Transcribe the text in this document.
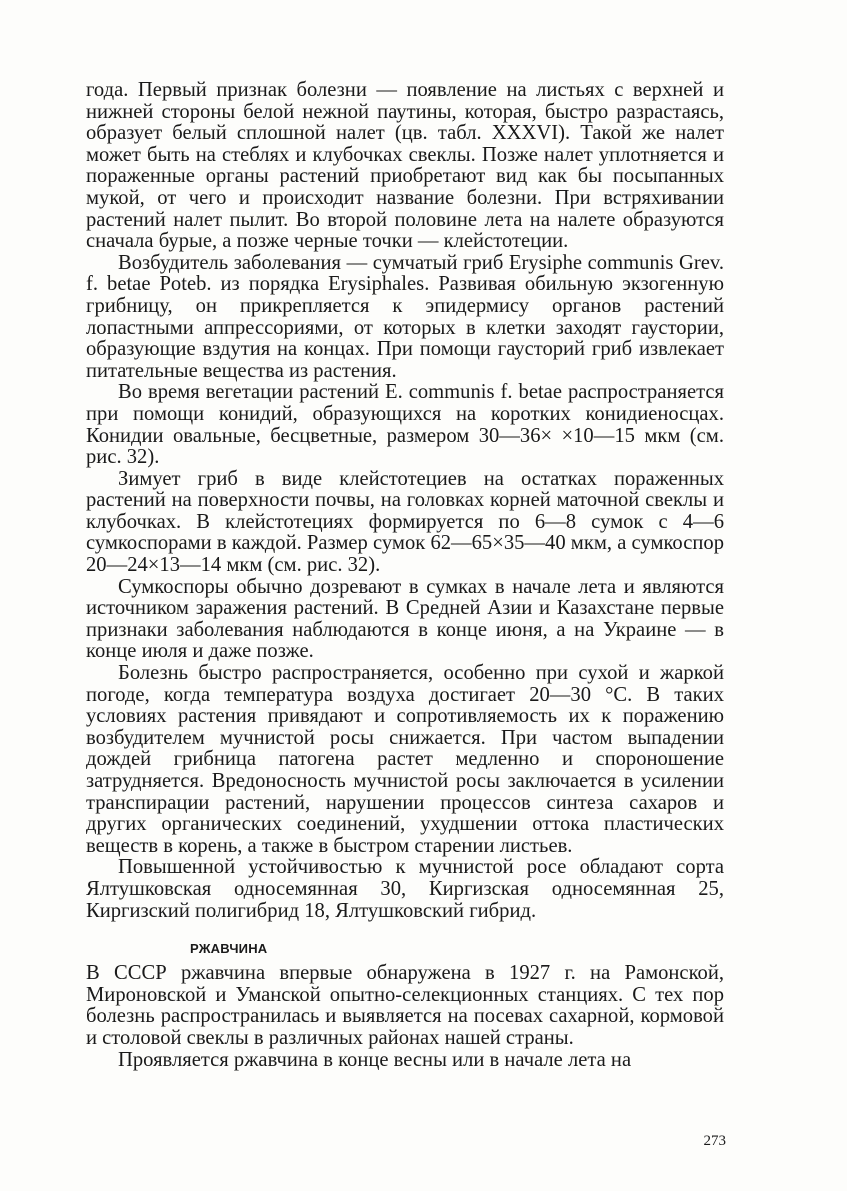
года. Первый признак болезни — появление на листьях с верхней и нижней стороны белой нежной паутины, которая, быстро разрастаясь, образует белый сплошной налет (цв. табл. XXXVI). Такой же налет может быть на стеблях и клубочках свеклы. Позже налет уплотняется и пораженные органы растений приобретают вид как бы посыпанных мукой, от чего и происходит название болезни. При встряхивании растений налет пылит. Во второй половине лета на налете образуются сначала бурые, а позже черные точки — клейстотеции.

Возбудитель заболевания — сумчатый гриб Erysiphe communis Grev. f. betae Poteb. из порядка Erysiphales. Развивая обильную экзогенную грибницу, он прикрепляется к эпидермису органов растений лопастными аппрессориями, от которых в клетки заходят гаустории, образующие вздутия на концах. При помощи гаусторий гриб извлекает питательные вещества из растения.

Во время вегетации растений E. communis f. betae распространяется при помощи конидий, образующихся на коротких конидиеносцах. Конидии овальные, бесцветные, размером 30—36× ×10—15 мкм (см. рис. 32).

Зимует гриб в виде клейстотециев на остатках пораженных растений на поверхности почвы, на головках корней маточной свеклы и клубочках. В клейстотециях формируется по 6—8 сумок с 4—6 сумкоспорами в каждой. Размер сумок 62—65×35—40 мкм, а сумкоспор 20—24×13—14 мкм (см. рис. 32).

Сумкоспоры обычно дозревают в сумках в начале лета и являются источником заражения растений. В Средней Азии и Казахстане первые признаки заболевания наблюдаются в конце июня, а на Украине — в конце июля и даже позже.

Болезнь быстро распространяется, особенно при сухой и жаркой погоде, когда температура воздуха достигает 20—30 °С. В таких условиях растения привядают и сопротивляемость их к поражению возбудителем мучнистой росы снижается. При частом выпадении дождей грибница патогена растет медленно и спороношение затрудняется. Вредоносность мучнистой росы заключается в усилении транспирации растений, нарушении процессов синтеза сахаров и других органических соединений, ухудшении оттока пластических веществ в корень, а также в быстром старении листьев.

Повышенной устойчивостью к мучнистой росе обладают сорта Ялтушковская односемянная 30, Киргизская односемянная 25, Киргизский полигибрид 18, Ялтушковский гибрид.

РЖАВЧИНА

В СССР ржавчина впервые обнаружена в 1927 г. на Рамонской, Мироновской и Уманской опытно-селекционных станциях. С тех пор болезнь распространилась и выявляется на посевах сахарной, кормовой и столовой свеклы в различных районах нашей страны.

Проявляется ржавчина в конце весны или в начале лета на

273
